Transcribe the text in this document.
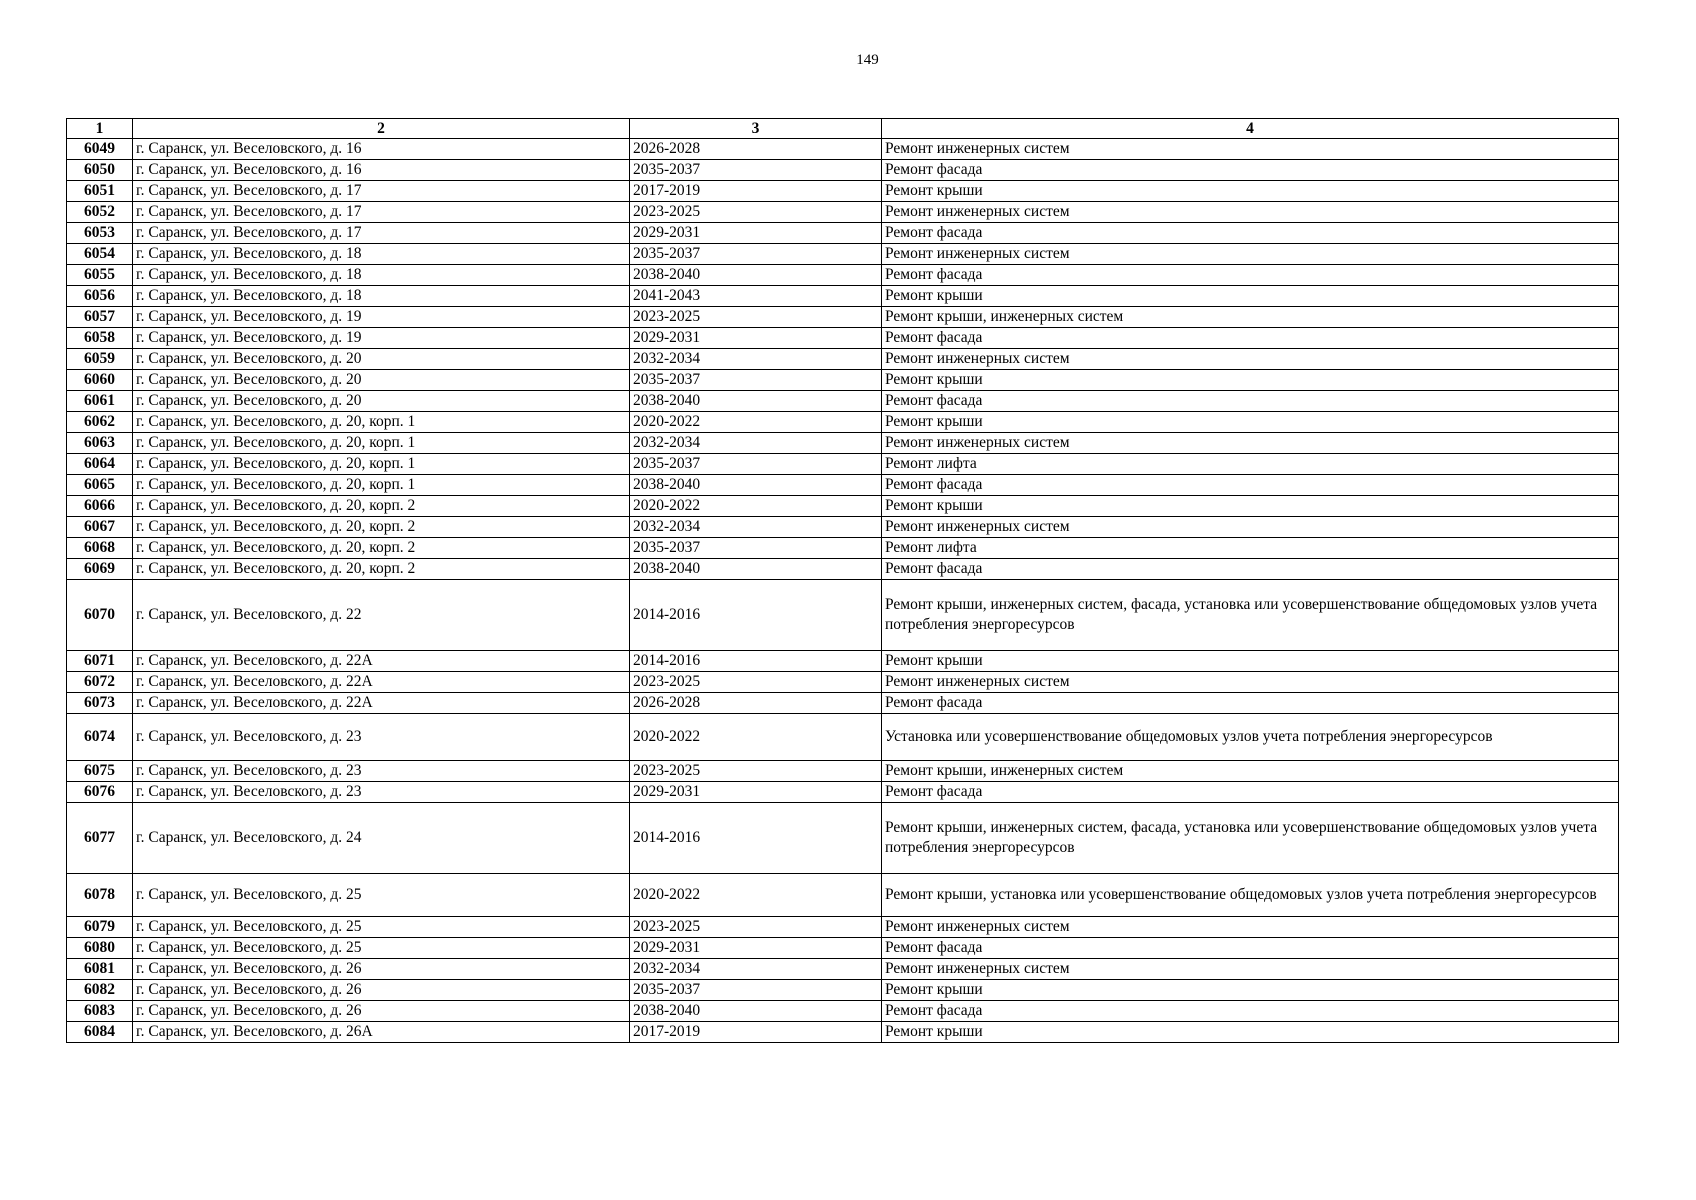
149
1	2	3	4
6049	г. Саранск, ул. Веселовского, д. 16	2026-2028	Ремонт инженерных систем
6050	г. Саранск, ул. Веселовского, д. 16	2035-2037	Ремонт фасада
6051	г. Саранск, ул. Веселовского, д. 17	2017-2019	Ремонт крыши
6052	г. Саранск, ул. Веселовского, д. 17	2023-2025	Ремонт инженерных систем
6053	г. Саранск, ул. Веселовского, д. 17	2029-2031	Ремонт фасада
6054	г. Саранск, ул. Веселовского, д. 18	2035-2037	Ремонт инженерных систем
6055	г. Саранск, ул. Веселовского, д. 18	2038-2040	Ремонт фасада
6056	г. Саранск, ул. Веселовского, д. 18	2041-2043	Ремонт крыши
6057	г. Саранск, ул. Веселовского, д. 19	2023-2025	Ремонт крыши, инженерных систем
6058	г. Саранск, ул. Веселовского, д. 19	2029-2031	Ремонт фасада
6059	г. Саранск, ул. Веселовского, д. 20	2032-2034	Ремонт инженерных систем
6060	г. Саранск, ул. Веселовского, д. 20	2035-2037	Ремонт крыши
6061	г. Саранск, ул. Веселовского, д. 20	2038-2040	Ремонт фасада
6062	г. Саранск, ул. Веселовского, д. 20, корп. 1	2020-2022	Ремонт крыши
6063	г. Саранск, ул. Веселовского, д. 20, корп. 1	2032-2034	Ремонт инженерных систем
6064	г. Саранск, ул. Веселовского, д. 20, корп. 1	2035-2037	Ремонт лифта
6065	г. Саранск, ул. Веселовского, д. 20, корп. 1	2038-2040	Ремонт фасада
6066	г. Саранск, ул. Веселовского, д. 20, корп. 2	2020-2022	Ремонт крыши
6067	г. Саранск, ул. Веселовского, д. 20, корп. 2	2032-2034	Ремонт инженерных систем
6068	г. Саранск, ул. Веселовского, д. 20, корп. 2	2035-2037	Ремонт лифта
6069	г. Саранск, ул. Веселовского, д. 20, корп. 2	2038-2040	Ремонт фасада
6070	г. Саранск, ул. Веселовского, д. 22	2014-2016	Ремонт крыши, инженерных систем, фасада, установка или усовершенствование общедомовых узлов учета потребления энергоресурсов
6071	г. Саранск, ул. Веселовского, д. 22А	2014-2016	Ремонт крыши
6072	г. Саранск, ул. Веселовского, д. 22А	2023-2025	Ремонт инженерных систем
6073	г. Саранск, ул. Веселовского, д. 22А	2026-2028	Ремонт фасада
6074	г. Саранск, ул. Веселовского, д. 23	2020-2022	Установка или усовершенствование общедомовых узлов учета потребления энергоресурсов
6075	г. Саранск, ул. Веселовского, д. 23	2023-2025	Ремонт крыши, инженерных систем
6076	г. Саранск, ул. Веселовского, д. 23	2029-2031	Ремонт фасада
6077	г. Саранск, ул. Веселовского, д. 24	2014-2016	Ремонт крыши, инженерных систем, фасада, установка или усовершенствование общедомовых узлов учета потребления энергоресурсов
6078	г. Саранск, ул. Веселовского, д. 25	2020-2022	Ремонт крыши, установка или усовершенствование общедомовых узлов учета потребления энергоресурсов
6079	г. Саранск, ул. Веселовского, д. 25	2023-2025	Ремонт инженерных систем
6080	г. Саранск, ул. Веселовского, д. 25	2029-2031	Ремонт фасада
6081	г. Саранск, ул. Веселовского, д. 26	2032-2034	Ремонт инженерных систем
6082	г. Саранск, ул. Веселовского, д. 26	2035-2037	Ремонт крыши
6083	г. Саранск, ул. Веселовского, д. 26	2038-2040	Ремонт фасада
6084	г. Саранск, ул. Веселовского, д. 26А	2017-2019	Ремонт крыши
